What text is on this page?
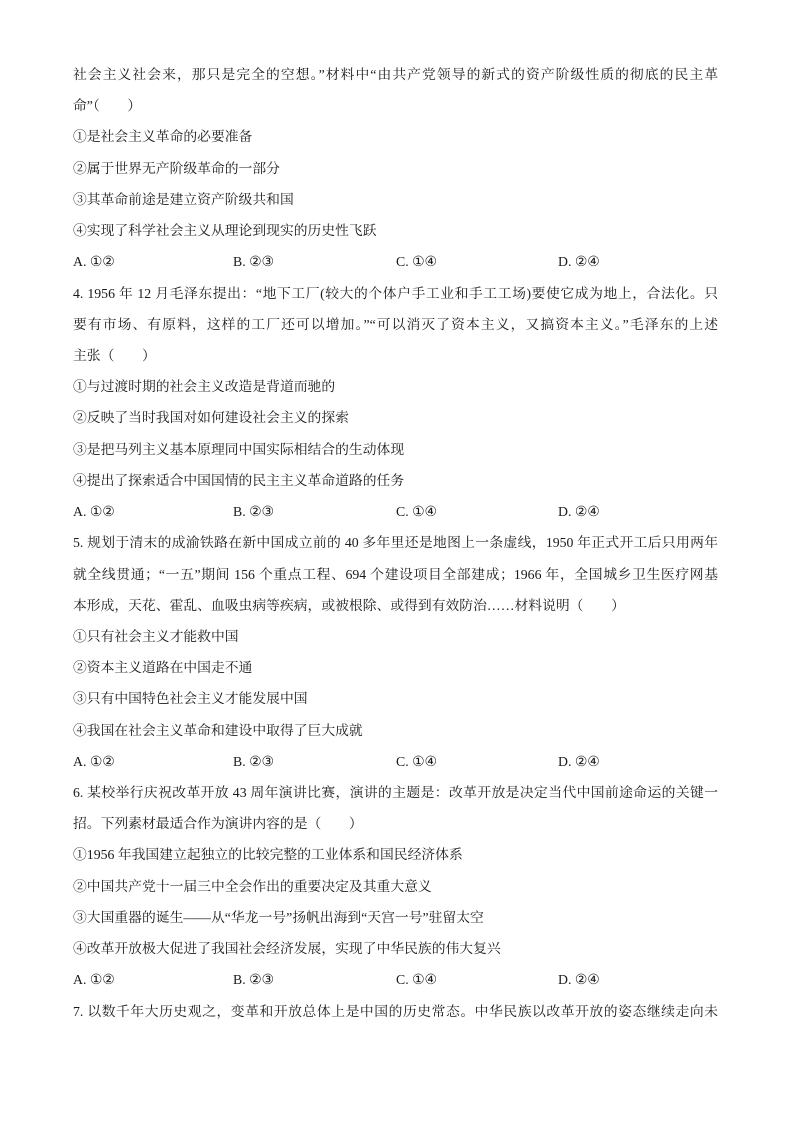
社会主义社会来，那只是完全的空想。”材料中“由共产党领导的新式的资产阶级性质的彻底的民主革
命”（　　）
①是社会主义革命的必要准备
②属于世界无产阶级革命的一部分
③其革命前途是建立资产阶级共和国
④实现了科学社会主义从理论到现实的历史性飞跃
A. ①②	B. ②③	C. ①④	D. ②④
4. 1956 年 12 月毛泽东提出：“地下工厂(较大的个体户手工业和手工工场)要使它成为地上，合法化。只
要有市场、有原料，这样的工厂还可以增加。”“可以消灭了资本主义，又搞资本主义。”毛泽东的上述
主张（　　）
①与过渡时期的社会主义改造是背道而驰的
②反映了当时我国对如何建设社会主义的探索
③是把马列主义基本原理同中国实际相结合的生动体现
④提出了探索适合中国国情的民主主义革命道路的任务
A. ①②	B. ②③	C. ①④	D. ②④
5. 规划于清末的成渝铁路在新中国成立前的 40 多年里还是地图上一条虚线，1950 年正式开工后只用两年
就全线贯通；“一五”期间 156 个重点工程、694 个建设项目全部建成；1966 年，全国城乡卫生医疗网基
本形成，天花、霍乱、血吸虫病等疾病，或被根除、或得到有效防治……材料说明（　　）
①只有社会主义才能救中国
②资本主义道路在中国走不通
③只有中国特色社会主义才能发展中国
④我国在社会主义革命和建设中取得了巨大成就
A. ①②	B. ②③	C. ①④	D. ②④
6. 某校举行庆祝改革开放 43 周年演讲比赛，演讲的主题是：改革开放是决定当代中国前途命运的关键一
招。下列素材最适合作为演讲内容的是（　　）
①1956 年我国建立起独立的比较完整的工业体系和国民经济体系
②中国共产党十一届三中全会作出的重要决定及其重大意义
③大国重器的诞生——从“华龙一号”扬帆出海到“天宫一号”驻留太空
④改革开放极大促进了我国社会经济发展，实现了中华民族的伟大复兴
A. ①②	B. ②③	C. ①④	D. ②④
7. 以数千年大历史观之，变革和开放总体上是中国的历史常态。中华民族以改革开放的姿态继续走向未
